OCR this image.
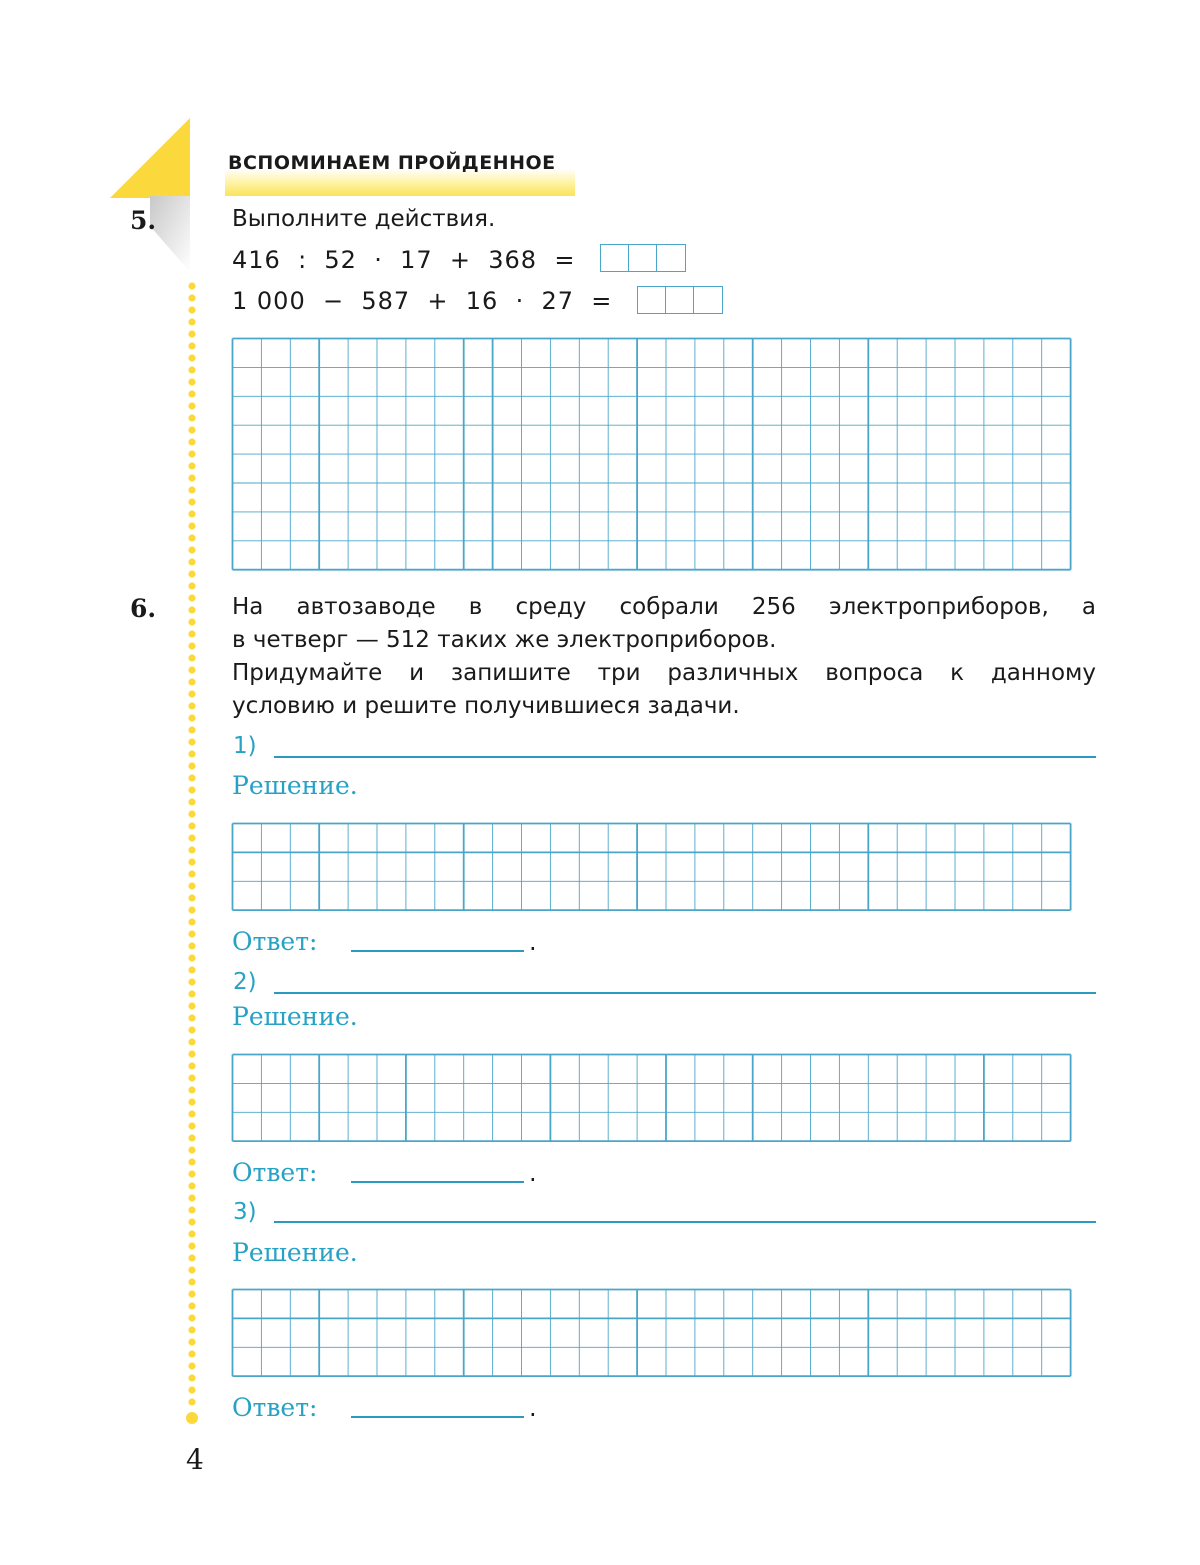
ВСПОМИНАЕМ ПРОЙДЕННОЕ
5.	Выполните действия.
416  :  52  ·  17  +  368  =
1 000  −  587  +  16  ·  27  =
6.	На автозаводе в среду собрали 256 электроприборов, а
в четверг — 512 таких же электроприборов.
Придумайте и запишите три различных вопроса к данному
условию и решите получившиеся задачи.
1)
Решение.
Ответ:	.
2)
Решение.
Ответ:	.
3)
Решение.
Ответ:	.
4
